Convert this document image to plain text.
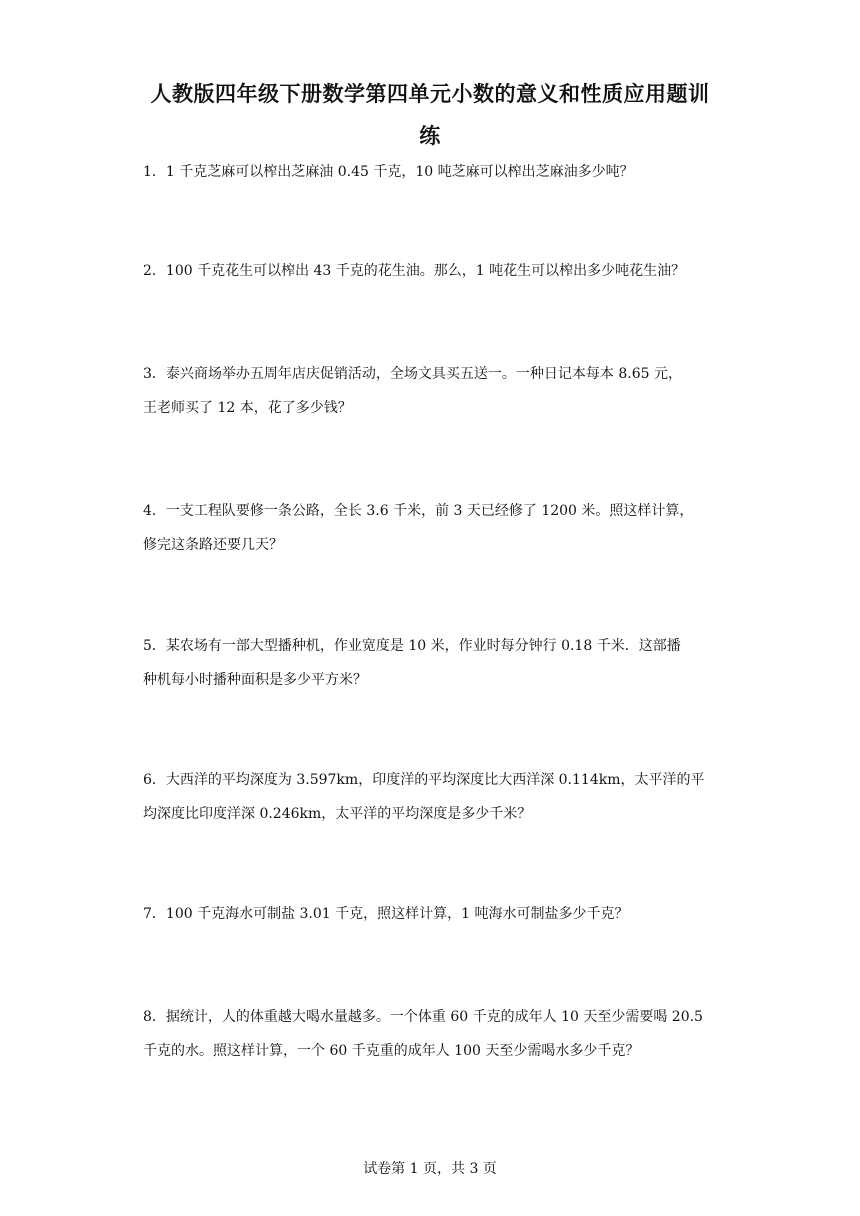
人教版四年级下册数学第四单元小数的意义和性质应用题训
练

1．1 千克芝麻可以榨出芝麻油 0.45 千克，10 吨芝麻可以榨出芝麻油多少吨？

2．100 千克花生可以榨出 43 千克的花生油。那么，1 吨花生可以榨出多少吨花生油？

3．泰兴商场举办五周年店庆促销活动，全场文具买五送一。一种日记本每本 8.65 元，
王老师买了 12 本，花了多少钱？

4．一支工程队要修一条公路，全长 3.6 千米，前 3 天已经修了 1200 米。照这样计算，
修完这条路还要几天？

5．某农场有一部大型播种机，作业宽度是 10 米，作业时每分钟行 0.18 千米．这部播
种机每小时播种面积是多少平方米？

6．大西洋的平均深度为 3.597km，印度洋的平均深度比大西洋深 0.114km，太平洋的平
均深度比印度洋深 0.246km，太平洋的平均深度是多少千米？

7．100 千克海水可制盐 3.01 千克，照这样计算，1 吨海水可制盐多少千克？

8．据统计，人的体重越大喝水量越多。一个体重 60 千克的成年人 10 天至少需要喝 20.5
千克的水。照这样计算，一个 60 千克重的成年人 100 天至少需喝水多少千克？

试卷第 1 页，共 3 页
